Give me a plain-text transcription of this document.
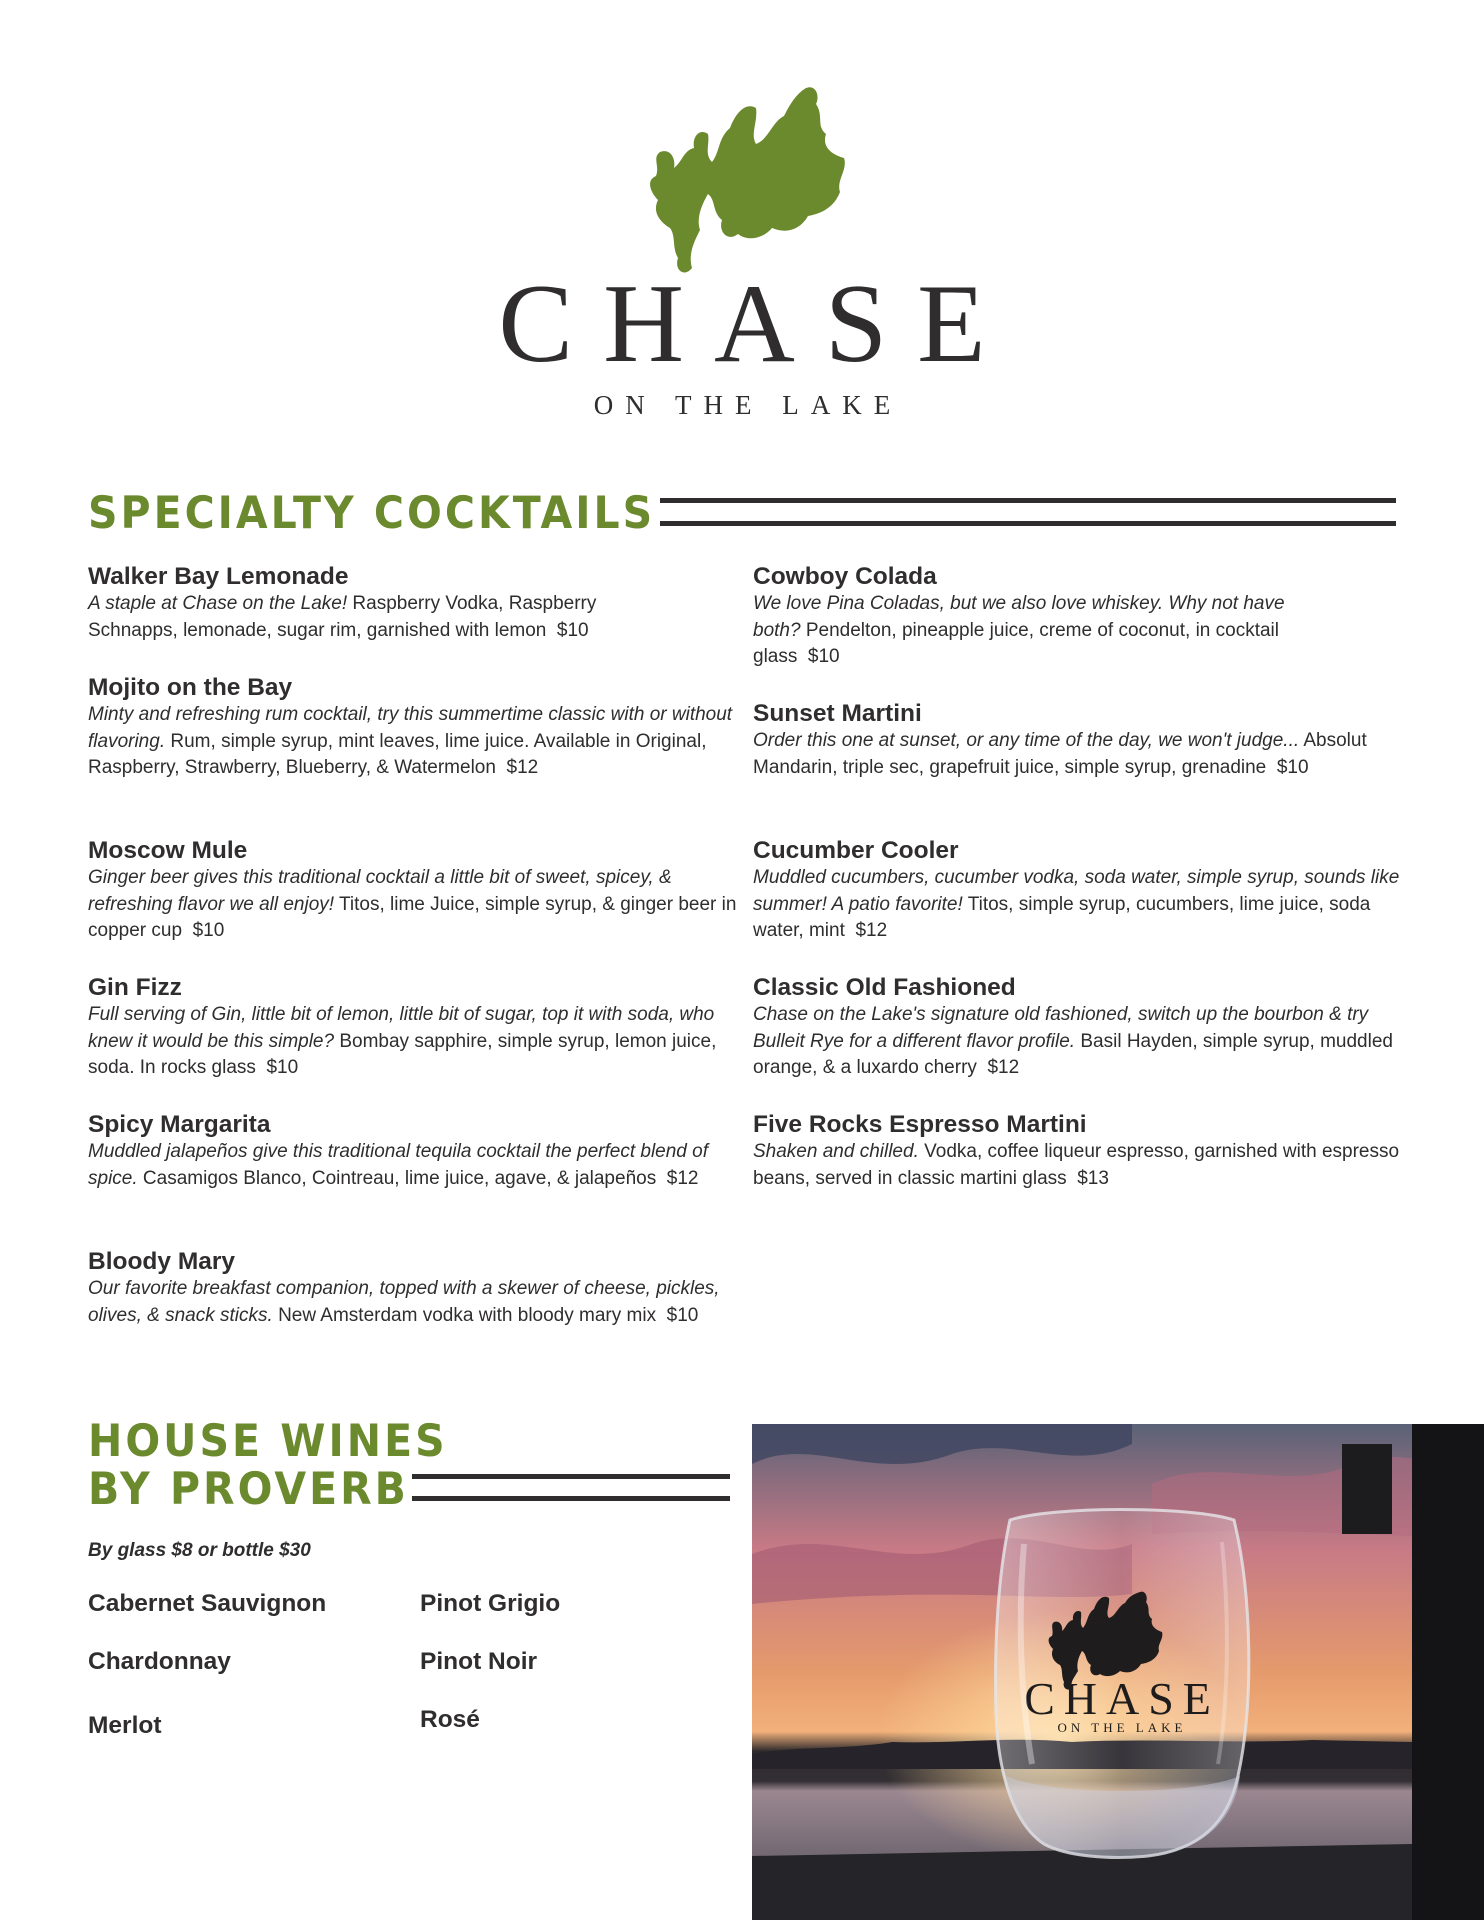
CHASE
ON THE LAKE
SPECIALTY COCKTAILS
Walker Bay Lemonade
A staple at Chase on the Lake! Raspberry Vodka, Raspberry Schnapps, lemonade, sugar rim, garnished with lemon $10
Mojito on the Bay
Minty and refreshing rum cocktail, try this summertime classic with or without flavoring. Rum, simple syrup, mint leaves, lime juice. Available in Original, Raspberry, Strawberry, Blueberry, & Watermelon $12
Moscow Mule
Ginger beer gives this traditional cocktail a little bit of sweet, spicey, & refreshing flavor we all enjoy! Titos, lime Juice, simple syrup, & ginger beer in copper cup $10
Gin Fizz
Full serving of Gin, little bit of lemon, little bit of sugar, top it with soda, who knew it would be this simple? Bombay sapphire, simple syrup, lemon juice, soda. In rocks glass $10
Spicy Margarita
Muddled jalapeños give this traditional tequila cocktail the perfect blend of spice. Casamigos Blanco, Cointreau, lime juice, agave, & jalapeños $12
Bloody Mary
Our favorite breakfast companion, topped with a skewer of cheese, pickles, olives, & snack sticks. New Amsterdam vodka with bloody mary mix $10
Cowboy Colada
We love Pina Coladas, but we also love whiskey. Why not have both? Pendelton, pineapple juice, creme of coconut, in cocktail glass $10
Sunset Martini
Order this one at sunset, or any time of the day, we won't judge... Absolut Mandarin, triple sec, grapefruit juice, simple syrup, grenadine $10
Cucumber Cooler
Muddled cucumbers, cucumber vodka, soda water, simple syrup, sounds like summer! A patio favorite! Titos, simple syrup, cucumbers, lime juice, soda water, mint $12
Classic Old Fashioned
Chase on the Lake's signature old fashioned, switch up the bourbon & try Bulleit Rye for a different flavor profile. Basil Hayden, simple syrup, muddled orange, & a luxardo cherry $12
Five Rocks Espresso Martini
Shaken and chilled. Vodka, coffee liqueur espresso, garnished with espresso beans, served in classic martini glass $13
HOUSE WINES
BY PROVERB
By glass $8 or bottle $30
Cabernet Sauvignon	Pinot Grigio
Chardonnay	Pinot Noir
Merlot	Rosé	CHASE
ON THE LAKE
